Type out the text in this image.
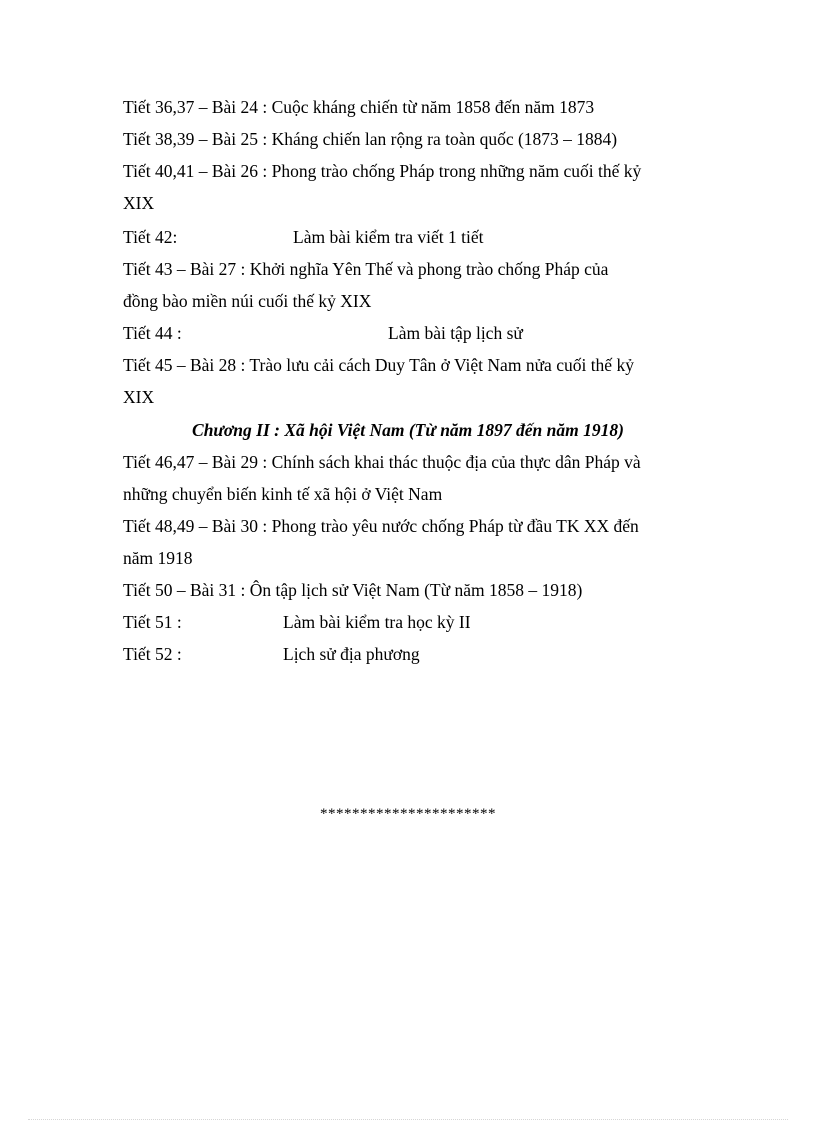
Tiết 36,37 – Bài 24 : Cuộc kháng chiến từ năm 1858 đến năm 1873
Tiết 38,39 – Bài 25 : Kháng chiến lan rộng ra toàn quốc (1873 – 1884)
Tiết 40,41 – Bài 26 : Phong trào chống Pháp trong những năm cuối thế kỷ
XIX
Tiết 42:	Làm bài kiểm tra viết 1 tiết
Tiết 43 – Bài 27 : Khởi nghĩa Yên Thế và phong trào chống Pháp của
đồng bào miền núi cuối thế kỷ XIX
Tiết 44 :	Làm bài tập lịch sử
Tiết 45 – Bài 28 : Trào lưu cải cách Duy Tân ở Việt Nam nửa cuối thế kỷ
XIX
Chương II : Xã hội Việt Nam (Từ năm 1897 đến năm 1918)
Tiết 46,47 – Bài 29 : Chính sách khai thác thuộc địa của thực dân Pháp và
những chuyển biến kinh tế xã hội ở Việt Nam
Tiết 48,49 – Bài 30 : Phong trào yêu nước chống Pháp từ đầu TK XX đến
năm 1918
Tiết 50 – Bài 31 : Ôn tập lịch sử Việt Nam (Từ năm 1858 – 1918)
Tiết 51 :	Làm bài kiểm tra học kỳ II
Tiết 52 :	Lịch sử địa phương
**********************
